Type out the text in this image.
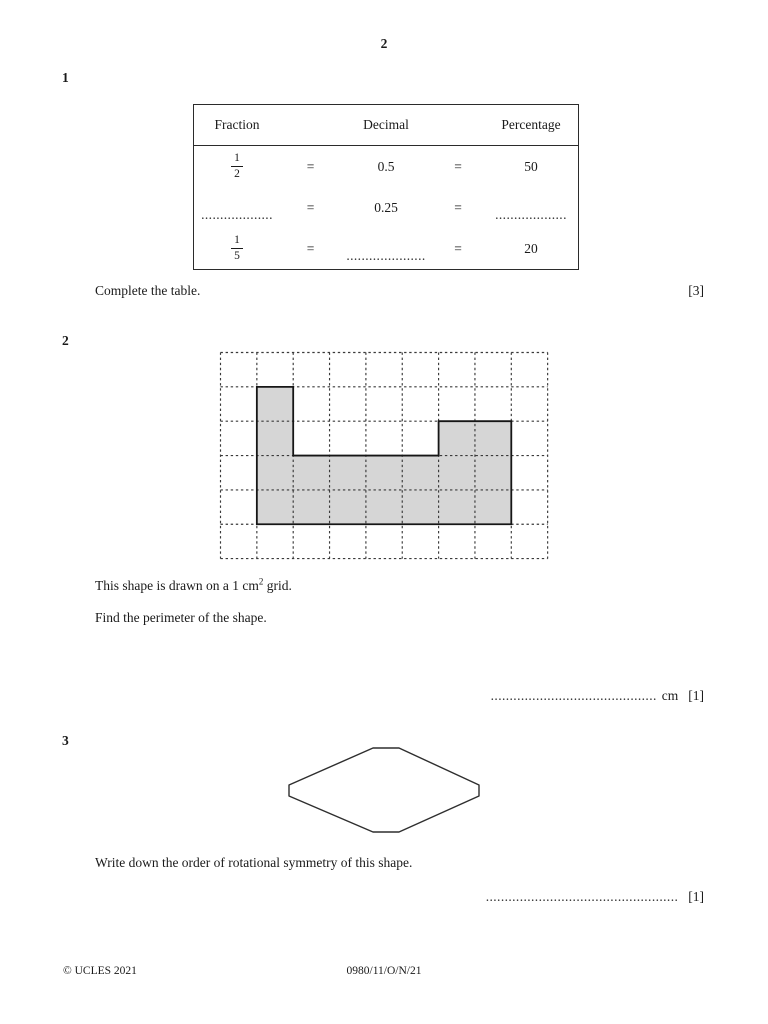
2
1
Fraction	Decimal	Percentage
$\frac{1}{2}$	=	0.5	=	50
...................	=	0.25	=	...................
$\frac{1}{5}$	=	.....................	=	20
Complete the table.	[3]
2
This shape is drawn on a 1 $cm^2$ grid.
Find the perimeter of the shape.
............................................ cm [1]
3
Write down the order of rotational symmetry of this shape.
................................................... [1]
© UCLES 2021	0980/11/O/N/21
